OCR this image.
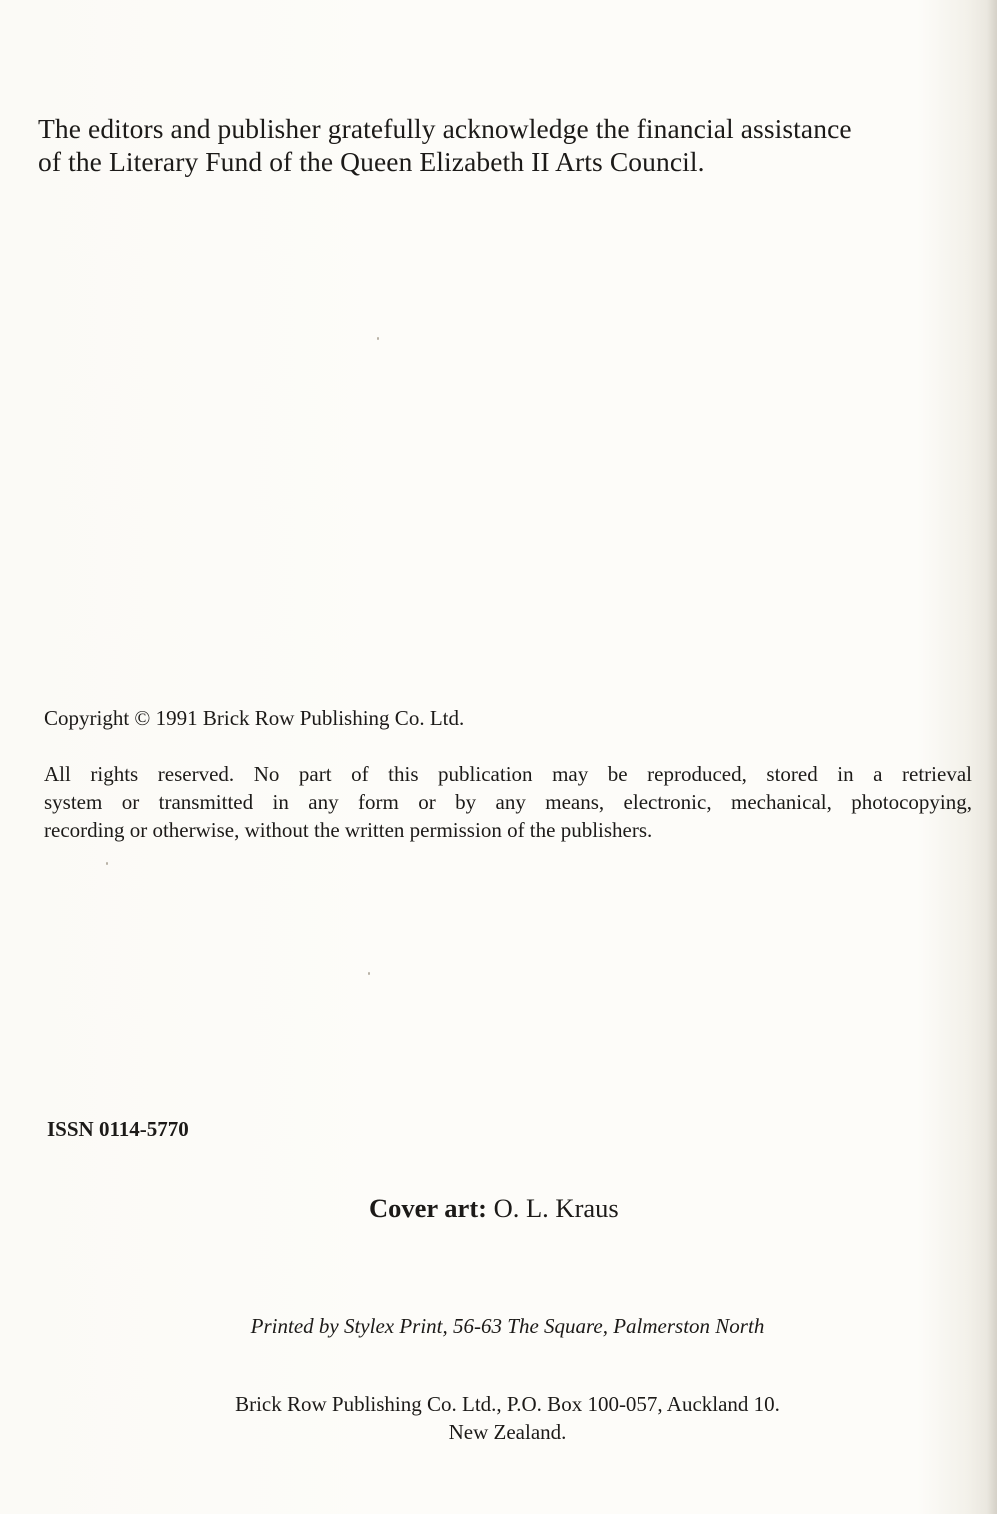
The editors and publisher gratefully acknowledge the financial assistance
of the Literary Fund of the Queen Elizabeth II Arts Council.
Copyright © 1991 Brick Row Publishing Co. Ltd.
All rights reserved. No part of this publication may be reproduced, stored in a retrieval
system or transmitted in any form or by any means, electronic, mechanical, photocopying,
recording or otherwise, without the written permission of the publishers.
ISSN 0114-5770
Cover art: O. L. Kraus
Printed by Stylex Print, 56-63 The Square, Palmerston North
Brick Row Publishing Co. Ltd., P.O. Box 100-057, Auckland 10.
New Zealand.
